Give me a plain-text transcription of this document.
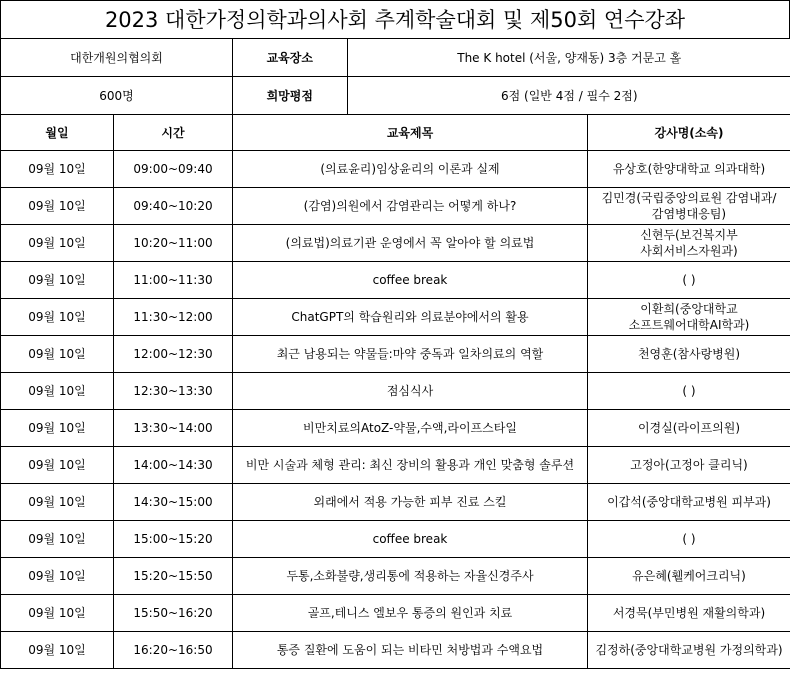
2023 대한가정의학과의사회 추계학술대회 및 제50회 연수강좌
대한개원의협의회		교육장소	The K hotel (서울, 양재동) 3층 거문고 홀

600명		희망평점	6점 (일반 4점 / 필수 2점)

월일	시간	교육제목	강사명(소속)
09월 10일	09:00~09:40	(의료윤리)임상윤리의 이론과 실제	유상호(한양대학교 의과대학)
09월 10일	09:40~10:20	(감염)의원에서 감염관리는 어떻게 하나?	김민경(국립중앙의료원 감염내과/감염병대응팀)
09월 10일	10:20~11:00	(의료법)의료기관 운영에서 꼭 알아야 할 의료법	신현두(보건복지부 사회서비스자원과)
09월 10일	11:00~11:30	coffee break	( )
09월 10일	11:30~12:00	ChatGPT의 학습원리와 의료분야에서의 활용	이환희(중앙대학교 소프트웨어대학AI학과)
09월 10일	12:00~12:30	최근 남용되는 약물들:마약 중독과 일차의료의 역할	천영훈(참사랑병원)
09월 10일	12:30~13:30	점심식사	( )
09월 10일	13:30~14:00	비만치료의AtoZ-약물,수액,라이프스타일	이경실(라이프의원)
09월 10일	14:00~14:30	비만 시술과 체형 관리: 최신 장비의 활용과 개인 맞춤형 솔루션	고정아(고정아 클리닉)
09월 10일	14:30~15:00	외래에서 적용 가능한 피부 진료 스킬	이갑석(중앙대학교병원 피부과)
09월 10일	15:00~15:20	coffee break	( )
09월 10일	15:20~15:50	두통,소화불량,생리통에 적용하는 자율신경주사	유은혜(휄케어크리닉)
09월 10일	15:50~16:20	골프,테니스 엘보우 통증의 원인과 치료	서경묵(부민병원 재활의학과)
09월 10일	16:20~16:50	통증 질환에 도움이 되는 비타민 처방법과 수액요법	김정하(중앙대학교병원 가정의학과)
